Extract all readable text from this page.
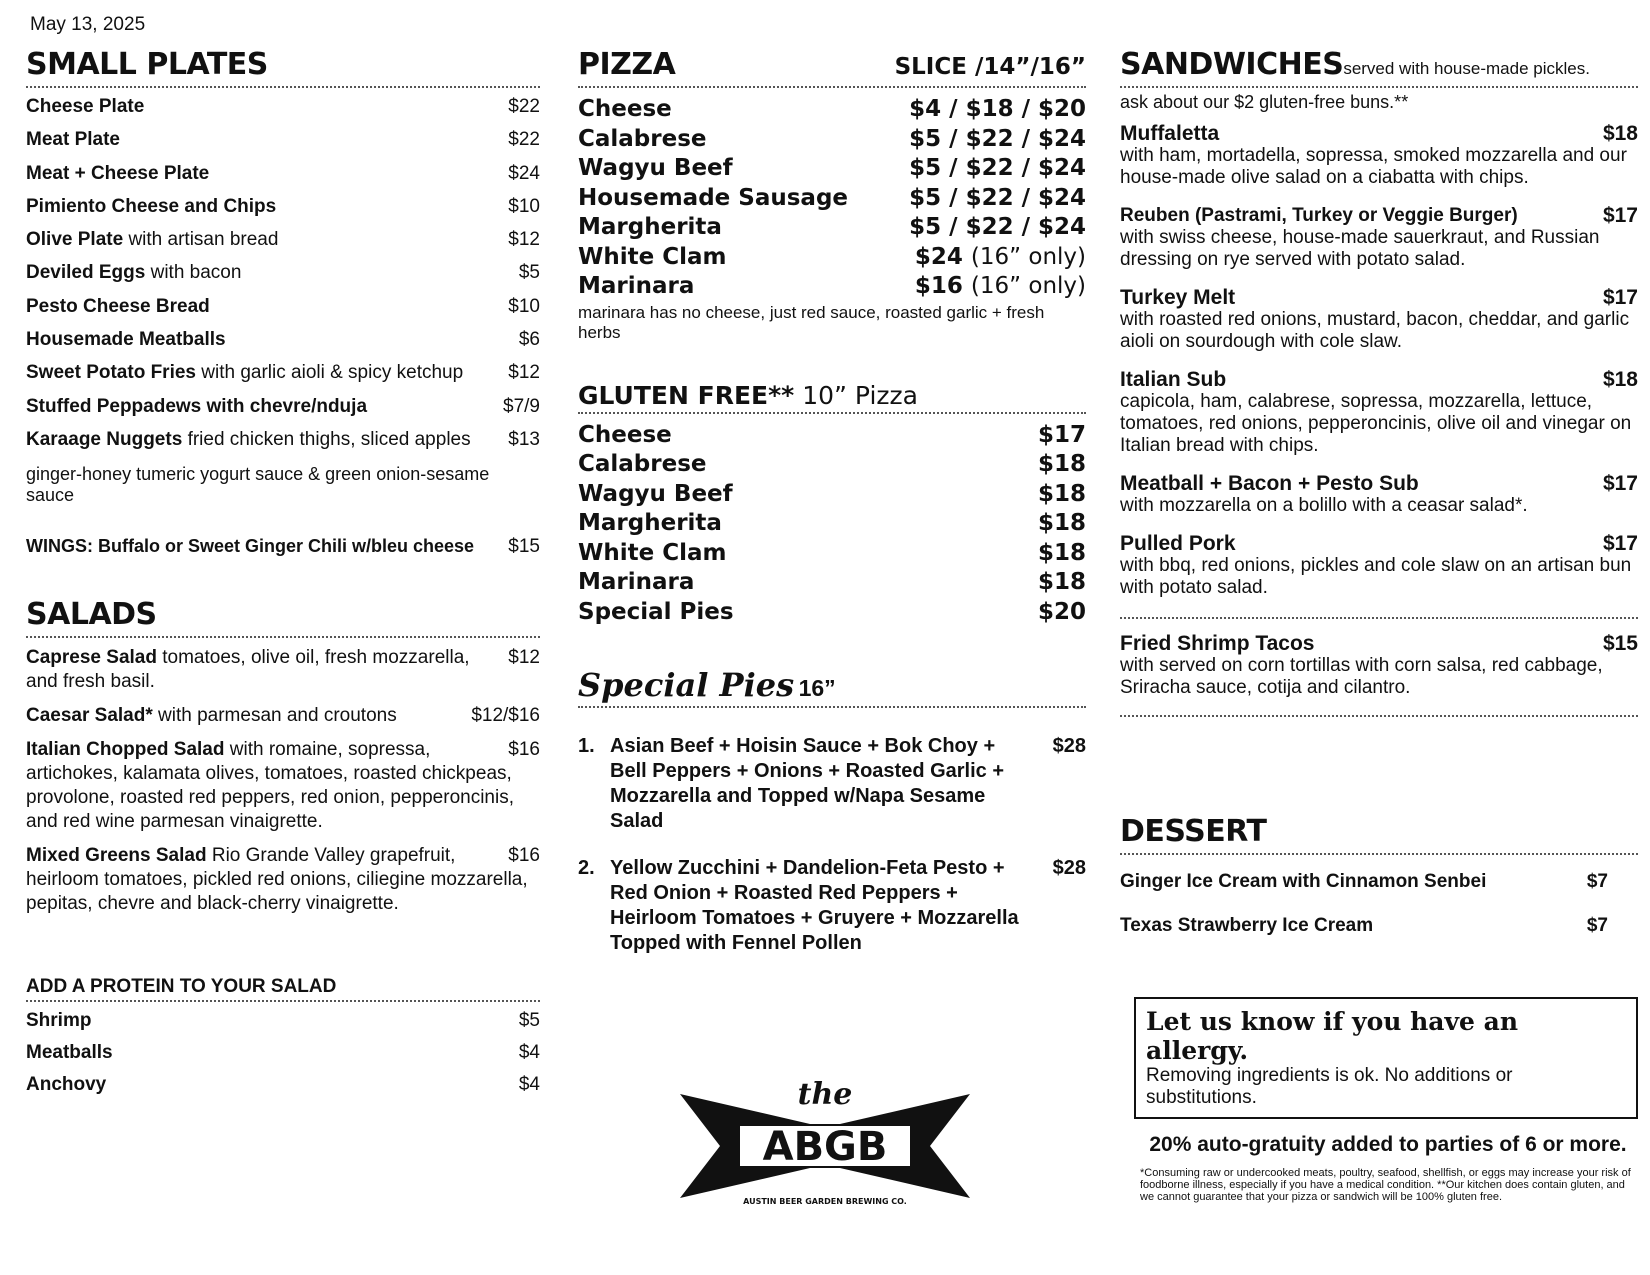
May 13, 2025
SMALL PLATES
Cheese Plate	$22
Meat Plate	$22
Meat + Cheese Plate	$24
Pimiento Cheese and Chips	$10
Olive Plate with artisan bread	$12
Deviled Eggs with bacon	$5
Pesto Cheese Bread	$10
Housemade Meatballs	$6
Sweet Potato Fries with garlic aioli & spicy ketchup $12
Stuffed Peppadews with chevre/nduja	$7/9
Karaage Nuggets fried chicken thighs, sliced apples $13
ginger-honey tumeric yogurt sauce & green onion-sesame sauce
WINGS: Buffalo or Sweet Ginger Chili w/bleu cheese $15
SALADS
Caprese Salad tomatoes, olive oil, fresh mozzarella, $12
and fresh basil.
Caesar Salad* with parmesan and croutons	$12/$16
Italian Chopped Salad with romaine, sopressa,	$16
artichokes, kalamata olives, tomatoes, roasted chickpeas, provolone, roasted red peppers, red onion, pepperoncinis, and red wine parmesan vinaigrette.
Mixed Greens Salad Rio Grande Valley grapefruit,	$16
heirloom tomatoes, pickled red onions, ciliegine mozzarella, pepitas, chevre and black-cherry vinaigrette.
ADD A PROTEIN TO YOUR SALAD
Shrimp	$5
Meatballs	$4
Anchovy	$4
PIZZA	SLICE /14”/16”
Cheese	$4 / $18 / $20
Calabrese	$5 / $22 / $24
Wagyu Beef	$5 / $22 / $24
Housemade Sausage	$5 / $22 / $24
Margherita	$5 / $22 / $24
White Clam	$24 (16” only)
Marinara	$16 (16” only)
marinara has no cheese, just red sauce, roasted garlic + fresh herbs
GLUTEN FREE** 10” Pizza
Cheese	$17
Calabrese	$18
Wagyu Beef	$18
Margherita	$18
White Clam	$18
Marinara	$18
Special Pies	$20
Special Pies 16”
1. Asian Beef + Hoisin Sauce + Bok Choy + Bell Peppers + Onions + Roasted Garlic + Mozzarella and Topped w/Napa Sesame Salad
$28
2. Yellow Zucchini + Dandelion-Feta Pesto + Red Onion + Roasted Red Peppers + Heirloom Tomatoes + Gruyere + Mozzarella Topped with Fennel Pollen
$28
the
ABGB
AUSTIN BEER GARDEN BREWING CO.
SANDWICHESserved with house-made pickles.
ask about our $2 gluten-free buns.**
Muffaletta	$18
with ham, mortadella, sopressa, smoked mozzarella and our house-made olive salad on a ciabatta with chips.
Reuben (Pastrami, Turkey or Veggie Burger)	$17
with swiss cheese, house-made sauerkraut, and Russian dressing on rye served with potato salad.
Turkey Melt	$17
with roasted red onions, mustard, bacon, cheddar, and garlic aioli on sourdough with cole slaw.
Italian Sub	$18
capicola, ham, calabrese, sopressa, mozzarella, lettuce, tomatoes, red onions, pepperoncinis, olive oil and vinegar on Italian bread with chips.
Meatball + Bacon + Pesto Sub	$17
with mozzarella on a bolillo with a ceasar salad*.
Pulled Pork	$17
with bbq, red onions, pickles and cole slaw on an artisan bun with potato salad.
Fried Shrimp Tacos	$15
with served on corn tortillas with corn salsa, red cabbage, Sriracha sauce, cotija and cilantro.
DESSERT
Ginger Ice Cream with Cinnamon Senbei	$7
Texas Strawberry Ice Cream	$7
Let us know if you have an allergy.
Removing ingredients is ok. No additions or substitutions.
20% auto-gratuity added to parties of 6 or more.
*Consuming raw or undercooked meats, poultry, seafood, shellfish, or eggs may increase your risk of foodborne illness, especially if you have a medical condition. **Our kitchen does contain gluten, and we cannot guarantee that your pizza or sandwich will be 100% gluten free.
